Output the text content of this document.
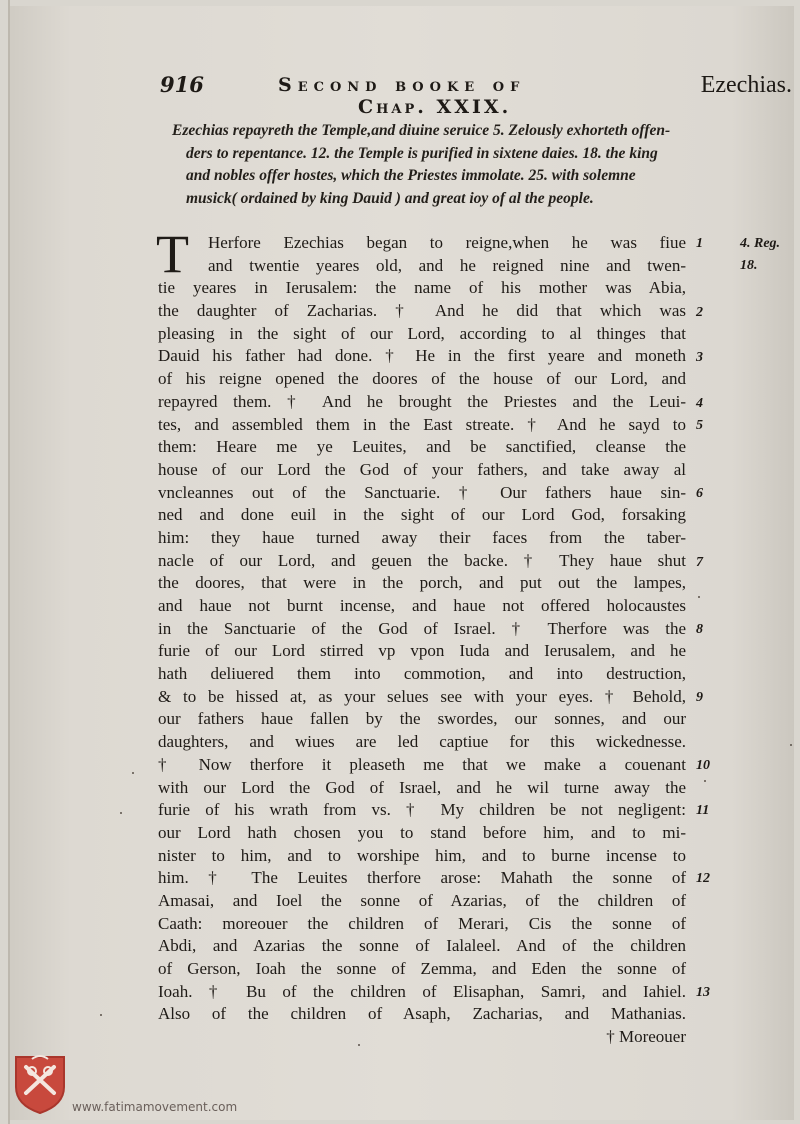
916	Second booke of	Ezechias.
Chap. XXIX.
Ezechias repayreth the Temple,and diuine seruice 5. Zelously exhorteth offen-
ders to repentance. 12. the Temple is purified in sixtene daies. 18. the king
and nobles offer hostes, which the Priestes immolate. 25. with solemne
musick( ordained by king Dauid ) and great ioy of al the people.
T	Herfore Ezechias began to reigne,when he was fiue
and twentie yeares old, and he reigned nine and twen-
tie yeares in Ierusalem: the name of his mother was Abia,
the daughter of Zacharias. † And he did that which was
pleasing in the sight of our Lord, according to al thinges that
Dauid his father had done. † He in the first yeare and moneth
of his reigne opened the doores of the house of our Lord, and
repayred them. † And he brought the Priestes and the Leui-
tes, and assembled them in the East streate. † And he sayd to
them: Heare me ye Leuites, and be sanctified, cleanse the
house of our Lord the God of your fathers, and take away al
vncleannes out of the Sanctuarie. † Our fathers haue sin-
ned and done euil in the sight of our Lord God, forsaking
him: they haue turned away their faces from the taber-
nacle of our Lord, and geuen the backe. † They haue shut
the doores, that were in the porch, and put out the lampes,
and haue not burnt incense, and haue not offered holocaustes
in the Sanctuarie of the God of Israel. † Therfore was the
furie of our Lord stirred vp vpon Iuda and Ierusalem, and he
hath deliuered them into commotion, and into destruction,
& to be hissed at, as your selues see with your eyes. † Behold,
our fathers haue fallen by the swordes, our sonnes, and our
daughters, and wiues are led captiue for this wickednesse.
† Now therfore it pleaseth me that we make a couenant
with our Lord the God of Israel, and he wil turne away the
furie of his wrath from vs. † My children be not negligent:
our Lord hath chosen you to stand before him, and to mi-
nister to him, and to worshipe him, and to burne incense to
him. † The Leuites therfore arose: Mahath the sonne of
Amasai, and Ioel the sonne of Azarias, of the children of
Caath: moreouer the children of Merari, Cis the sonne of
Abdi, and Azarias the sonne of Ialaleel. And of the children
of Gerson, Ioah the sonne of Zemma, and Eden the sonne of
Ioah. † Bu of the children of Elisaphan, Samri, and Iahiel.
Also of the children of Asaph, Zacharias, and Mathanias.
† Moreouer
1
2
3
4
5
6
7
8
9
10
11
12
13
4. Reg.
18.
www.fatimamovement.com
